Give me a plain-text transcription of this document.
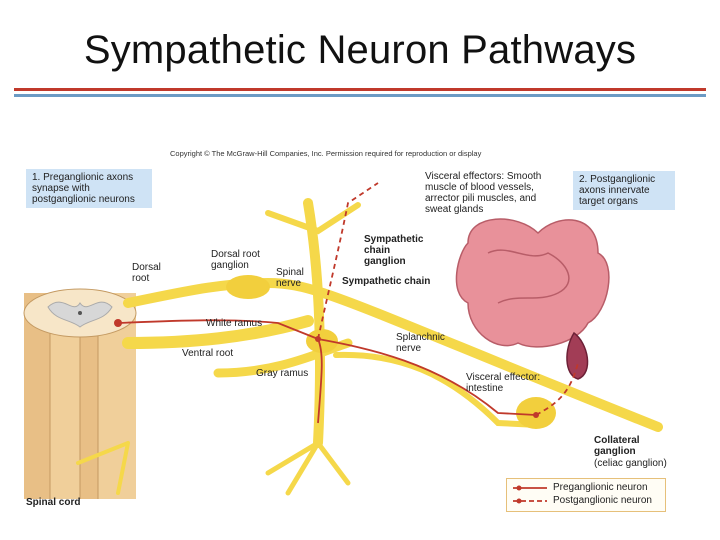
Sympathetic Neuron Pathways
Copyright © The McGraw-Hill Companies, Inc. Permission required for reproduction or display
1. Preganglionic axons synapse with postganglionic neurons
2. Postganglionic axons innervate target organs
Visceral effectors: Smooth muscle of blood vessels, arrector pili muscles, and sweat glands
Dorsal root
Dorsal root ganglion
Spinal nerve
Sympathetic chain ganglion
Sympathetic chain
White ramus
Ventral root
Splanchnic nerve
Gray ramus	Visceral effector: intestine
Collateral ganglion
(celiac ganglion)
Spinal cord
Preganglionic neuron
Postganglionic neuron
